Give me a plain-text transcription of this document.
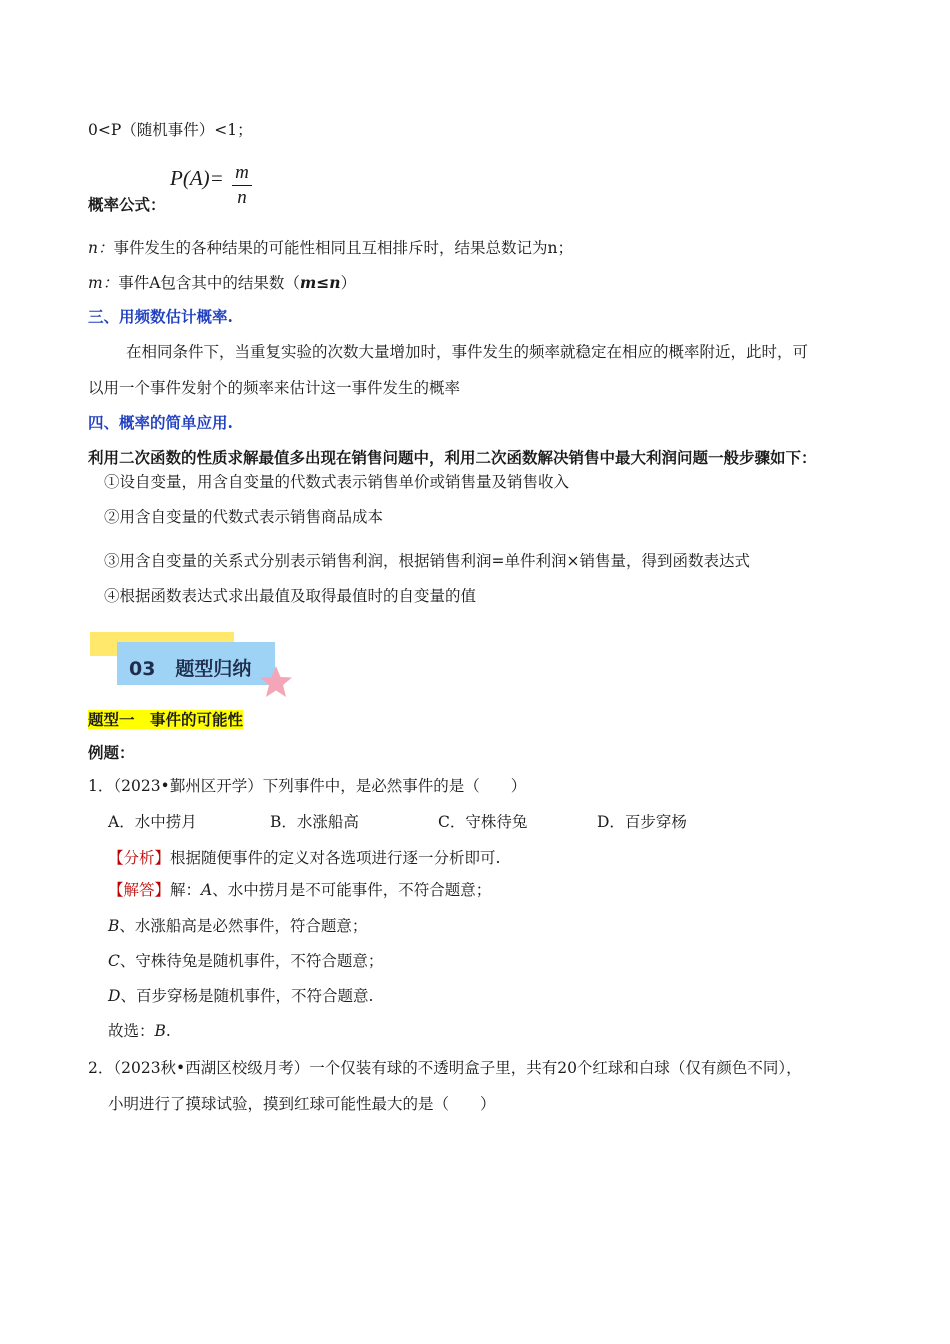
0<P（随机事件）<1；
P(A)= m
n
概率公式：
n：事件发生的各种结果的可能性相同且互相排斥时，结果总数记为n；
m：事件A包含其中的结果数（m≤n）
三、用频数估计概率.
在相同条件下，当重复实验的次数大量增加时，事件发生的频率就稳定在相应的概率附近，此时，可
以用一个事件发射个的频率来估计这一事件发生的概率
四、概率的简单应用.
利用二次函数的性质求解最值多出现在销售问题中，利用二次函数解决销售中最大利润问题一般步骤如下：
①设自变量，用含自变量的代数式表示销售单价或销售量及销售收入
②用含自变量的代数式表示销售商品成本
③用含自变量的关系式分别表示销售利润，根据销售利润=单件利润×销售量，得到函数表达式
④根据函数表达式求出最值及取得最值时的自变量的值
03 题型归纳
题型一　事件的可能性
例题：
1．（2023•鄞州区开学）下列事件中，是必然事件的是（　　）
A．水中捞月	B．水涨船高	C．守株待兔	D．百步穿杨
【分析】根据随便事件的定义对各选项进行逐一分析即可.
【解答】解：A、水中捞月是不可能事件，不符合题意；
B、水涨船高是必然事件，符合题意；
C、守株待兔是随机事件，不符合题意；
D、百步穿杨是随机事件，不符合题意.
故选：B.
2．（2023秋•西湖区校级月考）一个仅装有球的不透明盒子里，共有20个红球和白球（仅有颜色不同），
小明进行了摸球试验，摸到红球可能性最大的是（　　）
